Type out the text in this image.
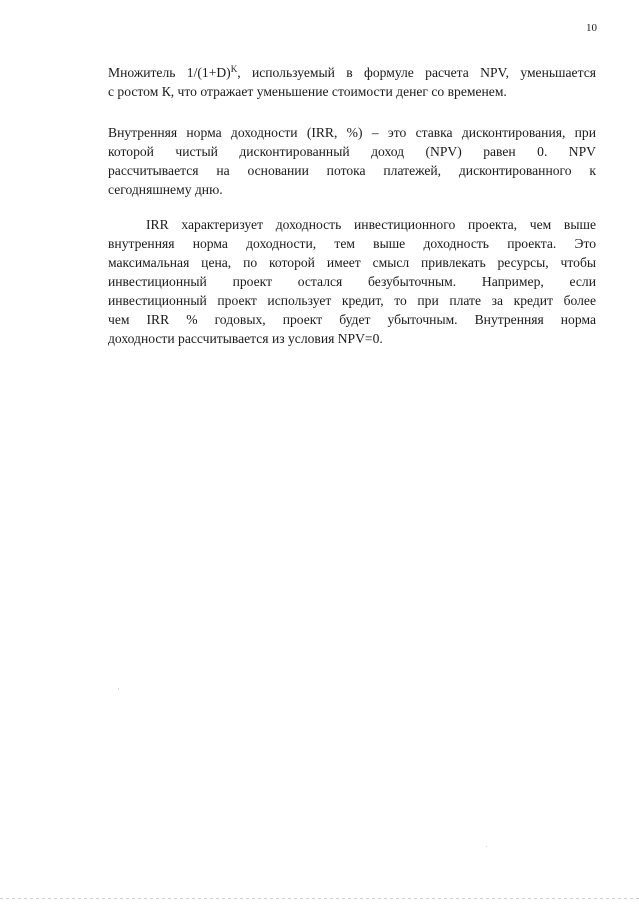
10
Множитель $1/(1+D)^K$, используемый в формуле расчета NPV, уменьшается
с ростом К, что отражает уменьшение стоимости денег со временем.
Внутренняя норма доходности (IRR, %) – это ставка дисконтирования, при
которой чистый дисконтированный доход (NPV) равен 0. NPV
рассчитывается на основании потока платежей, дисконтированного к
сегодняшнему дню.
IRR характеризует доходность инвестиционного проекта, чем выше
внутренняя норма доходности, тем выше доходность проекта. Это
максимальная цена, по которой имеет смысл привлекать ресурсы, чтобы
инвестиционный проект остался безубыточным. Например, если
инвестиционный проект использует кредит, то при плате за кредит более
чем IRR % годовых, проект будет убыточным. Внутренняя норма
доходности рассчитывается из условия NPV=0.
